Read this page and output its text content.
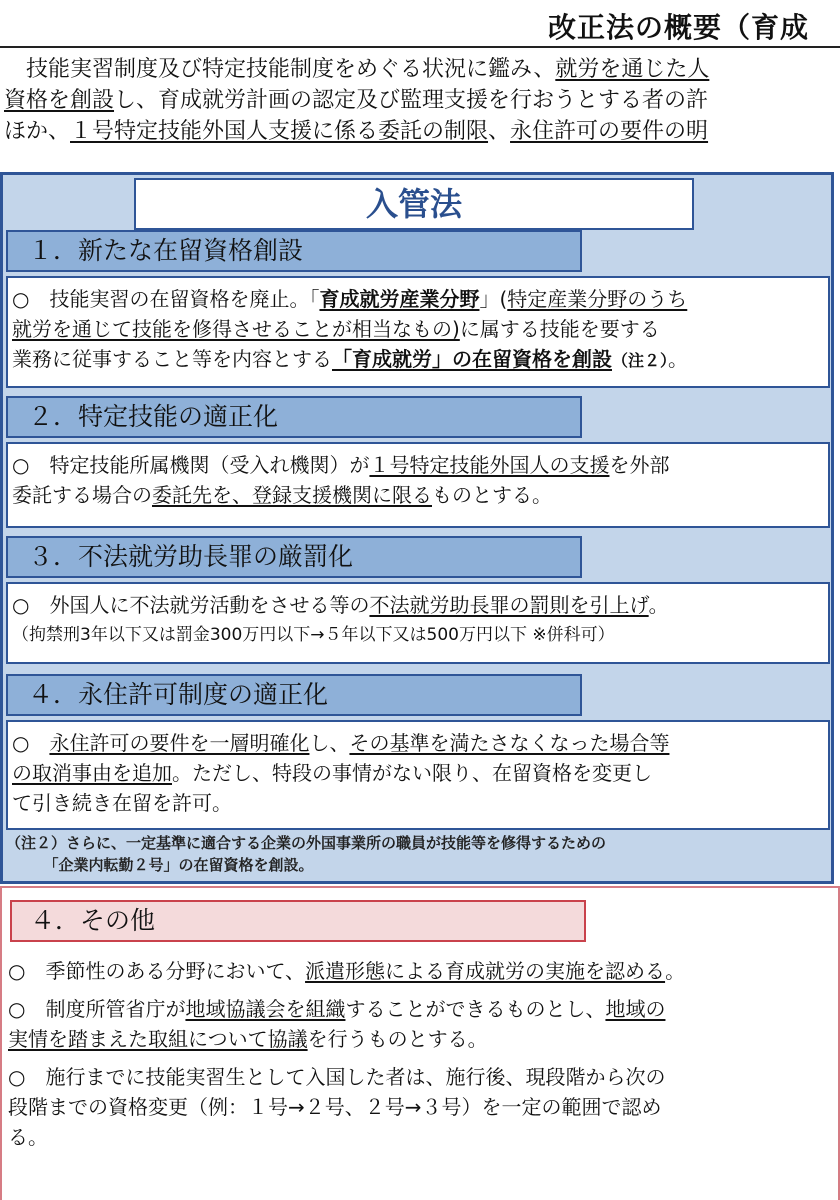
改正法の概要（育成
　技能実習制度及び特定技能制度をめぐる状況に鑑み、就労を通じた人
資格を創設し、育成就労計画の認定及び監理支援を行おうとする者の許
ほか、１号特定技能外国人支援に係る委託の制限、永住許可の要件の明
入管法
１．新たな在留資格創設
○　技能実習の在留資格を廃止。「育成就労産業分野」(特定産業分野のうち
就労を通じて技能を修得させることが相当なもの)に属する技能を要する
業務に従事すること等を内容とする「育成就労」の在留資格を創設（注２）。
２．特定技能の適正化
○　特定技能所属機関（受入れ機関）が１号特定技能外国人の支援を外部
委託する場合の委託先を、登録支援機関に限るものとする。
３．不法就労助長罪の厳罰化
○　外国人に不法就労活動をさせる等の不法就労助長罪の罰則を引上げ。
（拘禁刑3年以下又は罰金300万円以下→５年以下又は500万円以下 ※併科可）
４．永住許可制度の適正化
○　永住許可の要件を一層明確化し、その基準を満たさなくなった場合等
の取消事由を追加。ただし、特段の事情がない限り、在留資格を変更し
て引き続き在留を許可。
（注２）さらに、一定基準に適合する企業の外国事業所の職員が技能等を修得するための
　　　「企業内転勤２号」の在留資格を創設。
４．その他
○　季節性のある分野において、派遣形態による育成就労の実施を認める。
○　制度所管省庁が地域協議会を組織することができるものとし、地域の
実情を踏まえた取組について協議を行うものとする。
○　施行までに技能実習生として入国した者は、施行後、現段階から次の
段階までの資格変更（例：１号→２号、２号→３号）を一定の範囲で認め
る。
